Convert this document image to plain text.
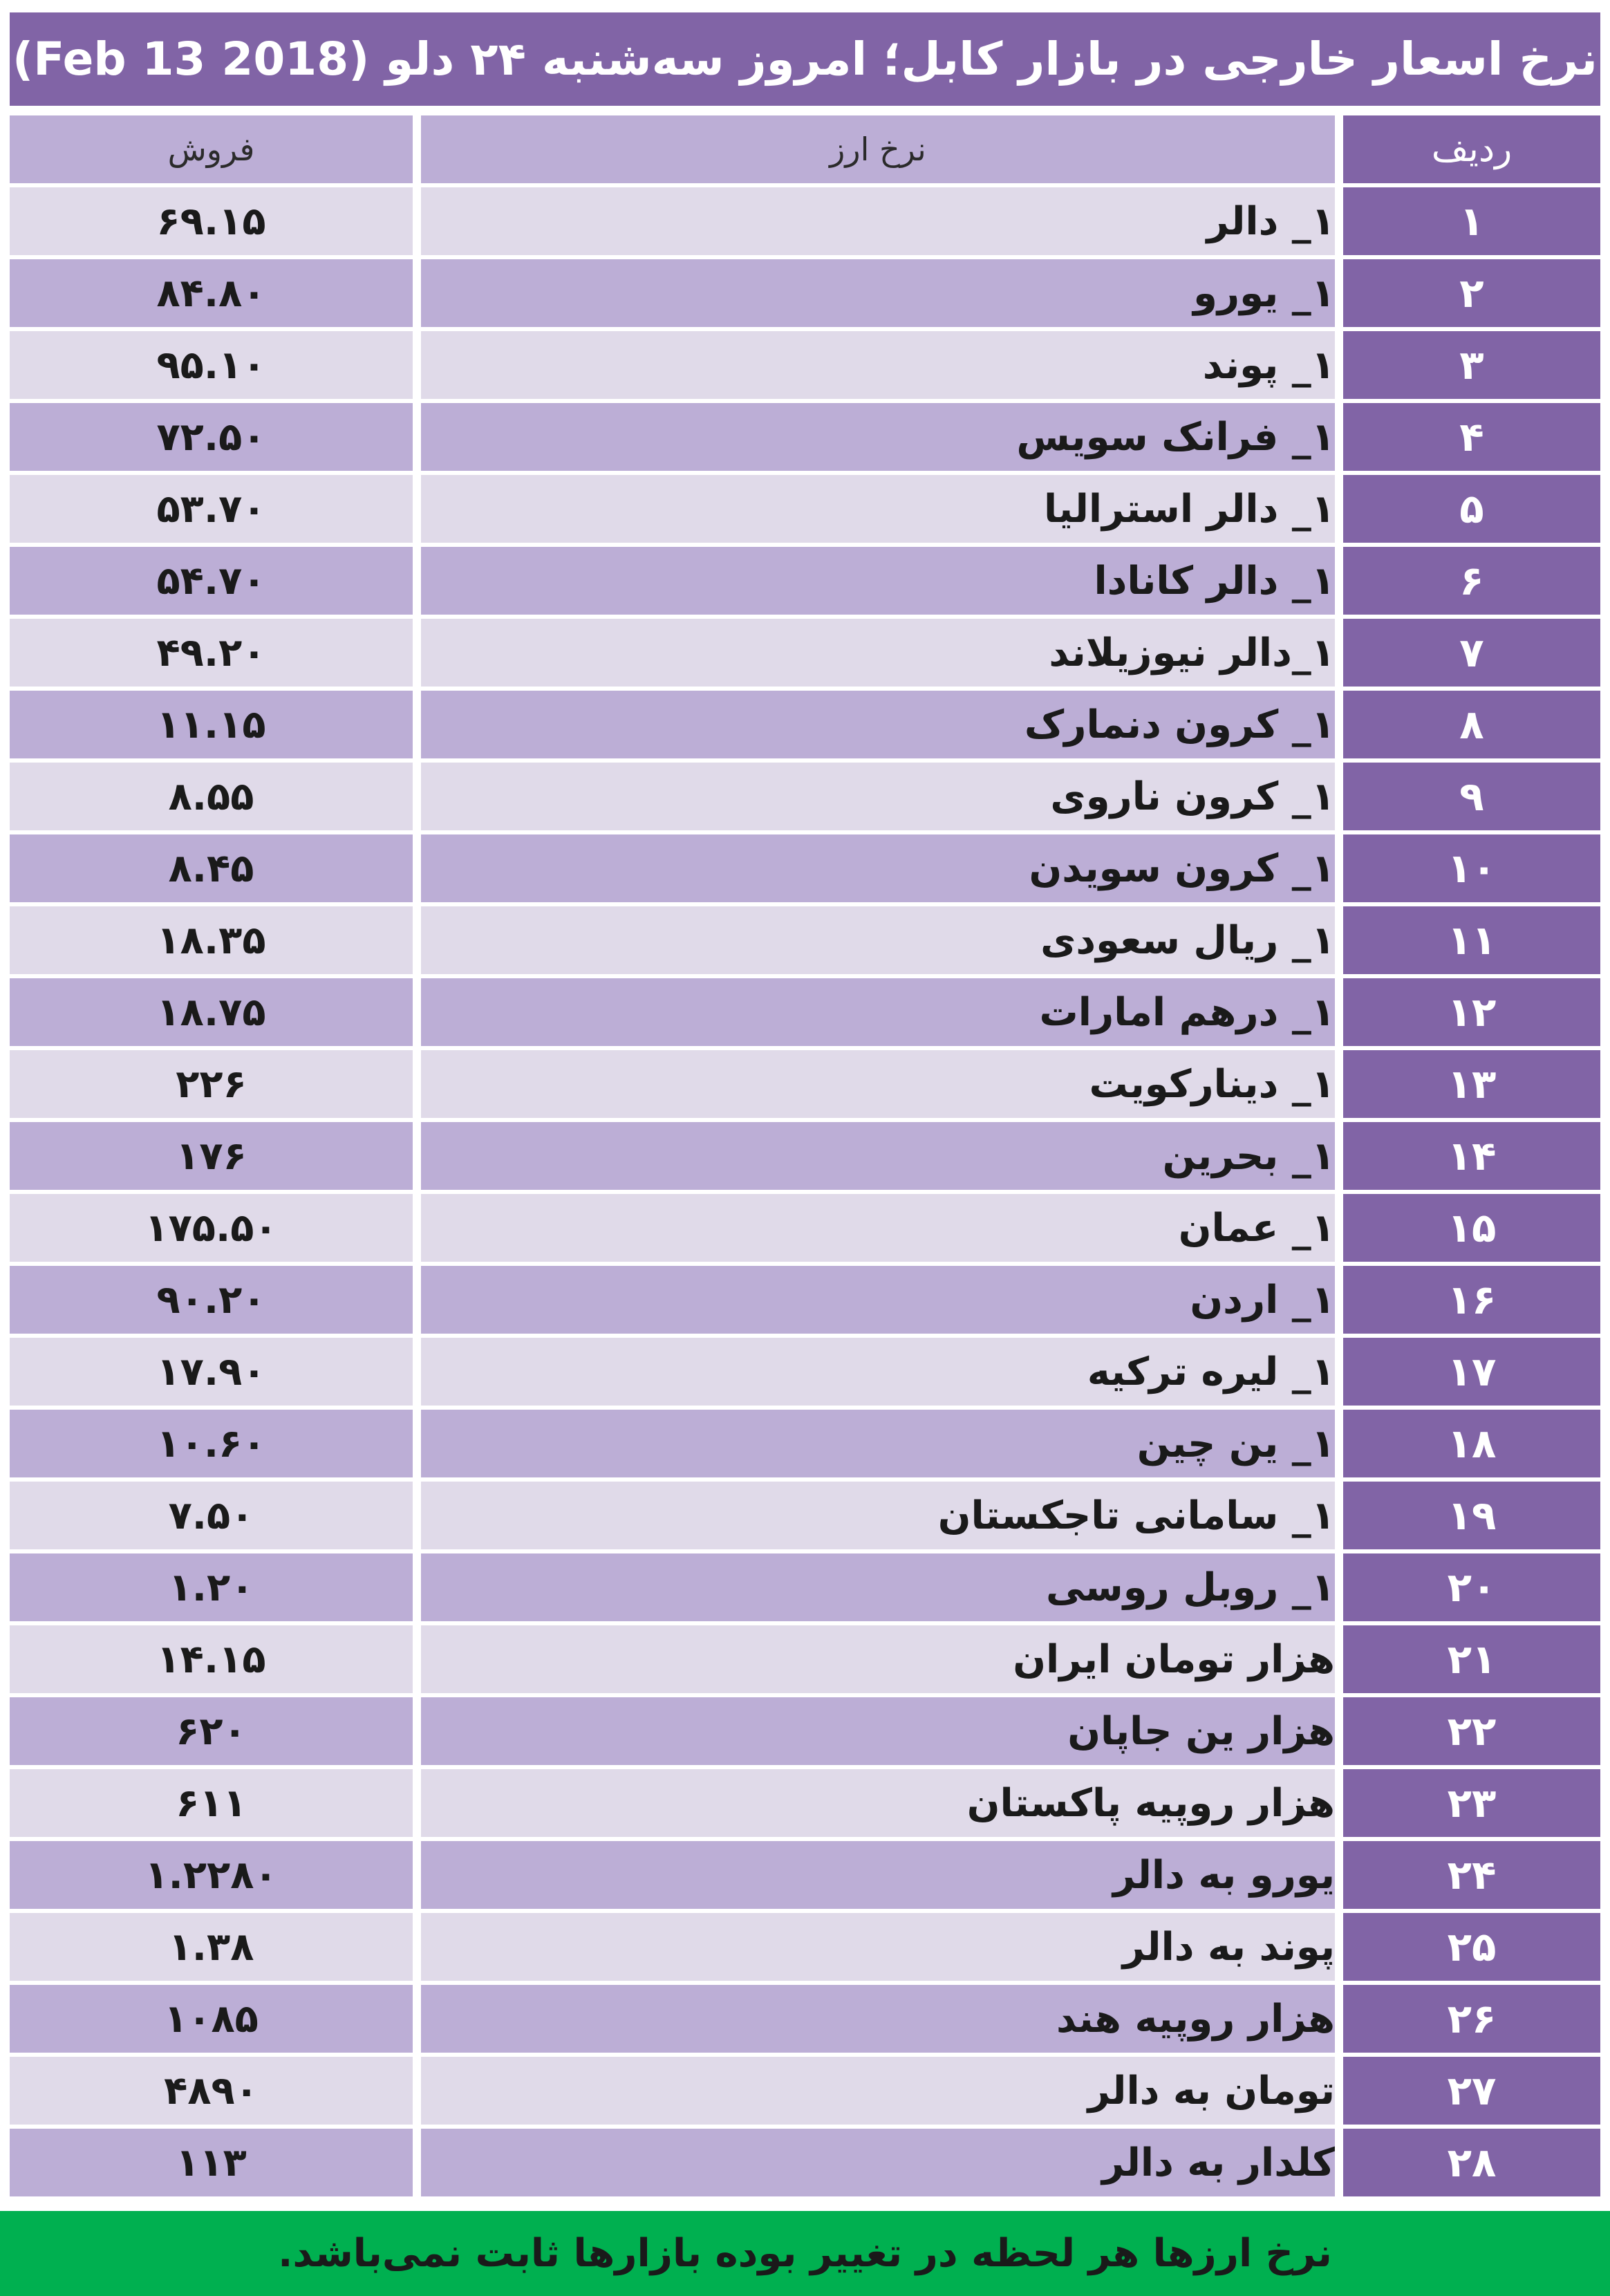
نرخ اسعار خارجی در بازار کابل؛ امروز سه‌شنبه ۲۴ دلو (Feb 13 2018)
ردیف		نرخ ارز		فروش
۱		۱_ دالر		۶۹.۱۵
۲		۱_ یورو		۸۴.۸۰
۳		۱_ پوند		۹۵.۱۰
۴		۱_ فرانک سویس		۷۲.۵۰
۵		۱_ دالر استرالیا		۵۳.۷۰
۶		۱_ دالر کانادا		۵۴.۷۰
۷		۱_دالر نیوزیلاند		۴۹.۲۰
۸		۱_ کرون دنمارک		۱۱.۱۵
۹		۱_ کرون ناروی		۸.۵۵
۱۰		۱_ کرون سویدن		۸.۴۵
۱۱		۱_ ریال سعودی		۱۸.۳۵
۱۲		۱_ درهم امارات		۱۸.۷۵
۱۳		۱_ دینارکویت		۲۲۶
۱۴		۱_ بحرین		۱۷۶
۱۵		۱_ عمان		۱۷۵.۵۰
۱۶		۱_ اردن		۹۰.۲۰
۱۷		۱_ لیره ترکیه		۱۷.۹۰
۱۸		۱_ ین چین		۱۰.۶۰
۱۹		۱_ سامانی تاجکستان		۷.۵۰
۲۰		۱_ روبل روسی		۱.۲۰
۲۱		هزار تومان ایران		۱۴.۱۵
۲۲		هزار ین جاپان		۶۲۰
۲۳		هزار روپیه پاکستان		۶۱۱
۲۴		یورو به دالر		۱.۲۲۸۰
۲۵		پوند به دالر		۱.۳۸
۲۶		هزار روپیه هند		۱۰۸۵
۲۷		تومان به دالر		۴۸۹۰
۲۸		کلدار به دالر		۱۱۳
نرخ ارزها هر لحظه در تغییر بوده بازارها ثابت نمی‌باشد.
